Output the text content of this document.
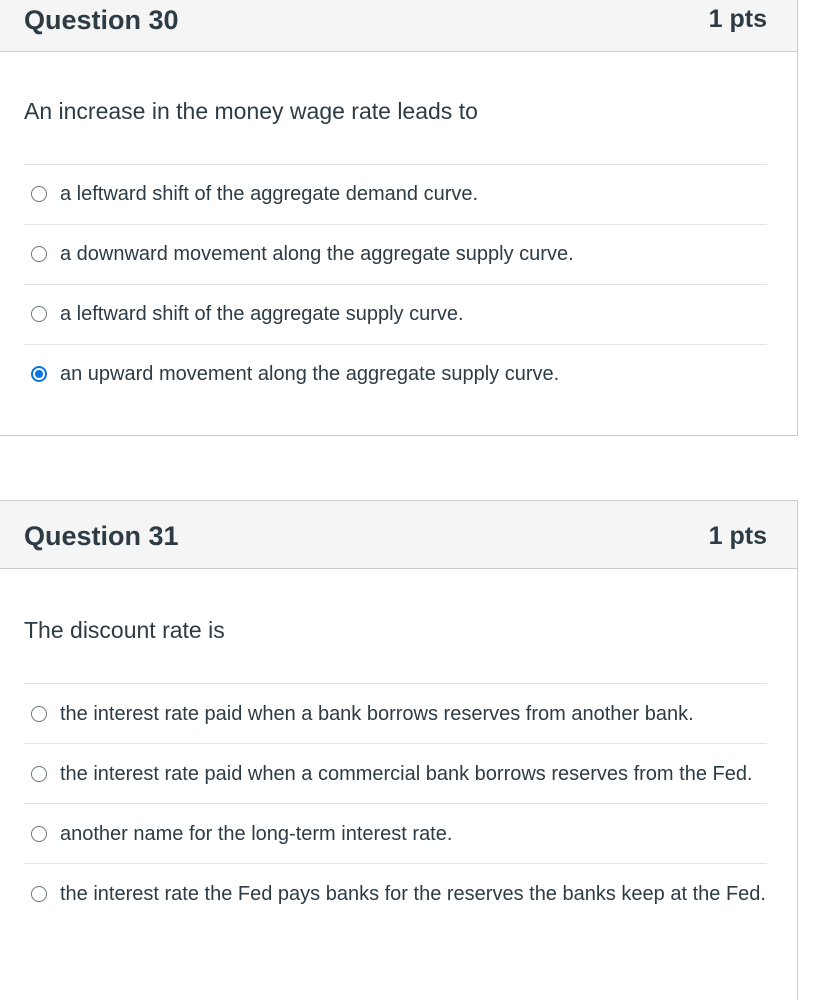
Question 30	1 pts
An increase in the money wage rate leads to
a leftward shift of the aggregate demand curve.
a downward movement along the aggregate supply curve.
a leftward shift of the aggregate supply curve.
an upward movement along the aggregate supply curve.
Question 31	1 pts
The discount rate is
the interest rate paid when a bank borrows reserves from another bank.
the interest rate paid when a commercial bank borrows reserves from the Fed.
another name for the long-term interest rate.
the interest rate the Fed pays banks for the reserves the banks keep at the Fed.
